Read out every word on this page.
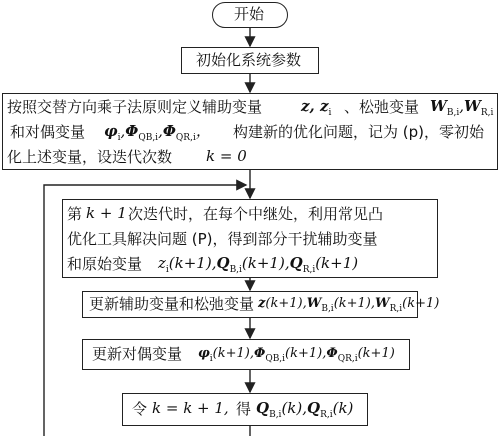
开始
初始化系统参数
按照交替方向乘子法原则定义辅助变量	z, $z_i$ 、松弛变量 $W_{B,i},W_{R,i}$
和对偶变量 $\varphi_i,\Phi_{QB,i},\Phi_{QR,i}$， 构建新的优化问题，记为 (p)，零初始
化上述变量，设迭代次数 k = 0
第 k + 1 次迭代时，在每个中继处，利用常见凸
优化工具解决问题 (P)，得到部分干扰辅助变量
和原始变量 $z_i(k+1),Q_{B,i}(k+1),Q_{R,i}(k+1)$
更新辅助变量和松弛变量 $z(k+1),W_{B,i}(k+1),W_{R,i}(k+1)$
更新对偶变量 $\varphi_i(k+1),\Phi_{QB,i}(k+1),\Phi_{QR,i}(k+1)$
令 k = k + 1, 得 $Q_{B,i}(k),Q_{R,i}(k)$
